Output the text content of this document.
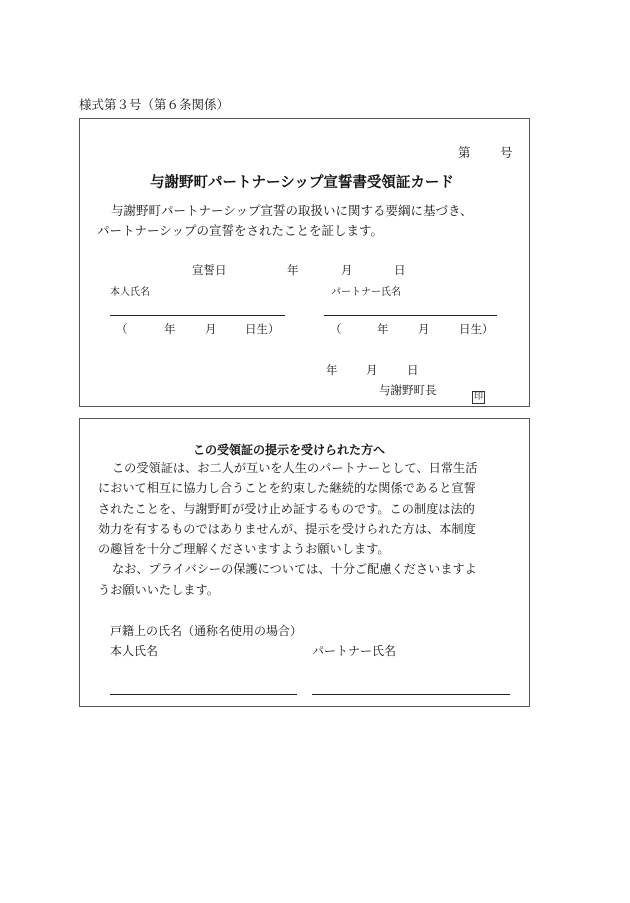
様式第３号（第６条関係）
第 号
与謝野町パートナーシップ宣誓書受領証カード
与謝野町パートナーシップ宣誓の取扱いに関する要綱に基づき、
パートナーシップの宣誓をされたことを証します。
宣誓日	年	月	日
本人氏名	パートナー氏名
（	年	月 日生）	（	年	月	日生）
年 月	日
与謝野町長	印
この受領証の提示を受けられた方へ
この受領証は、お二人が互いを人生のパートナーとして、日常生活
において相互に協力し合うことを約束した継続的な関係であると宣誓
されたことを、与謝野町が受け止め証するものです。この制度は法的
効力を有するものではありませんが、提示を受けられた方は、本制度
の趣旨を十分ご理解くださいますようお願いします。
なお、プライバシーの保護については、十分ご配慮くださいますよ
うお願いいたします。
戸籍上の氏名（通称名使用の場合）
本人氏名	パートナー氏名
